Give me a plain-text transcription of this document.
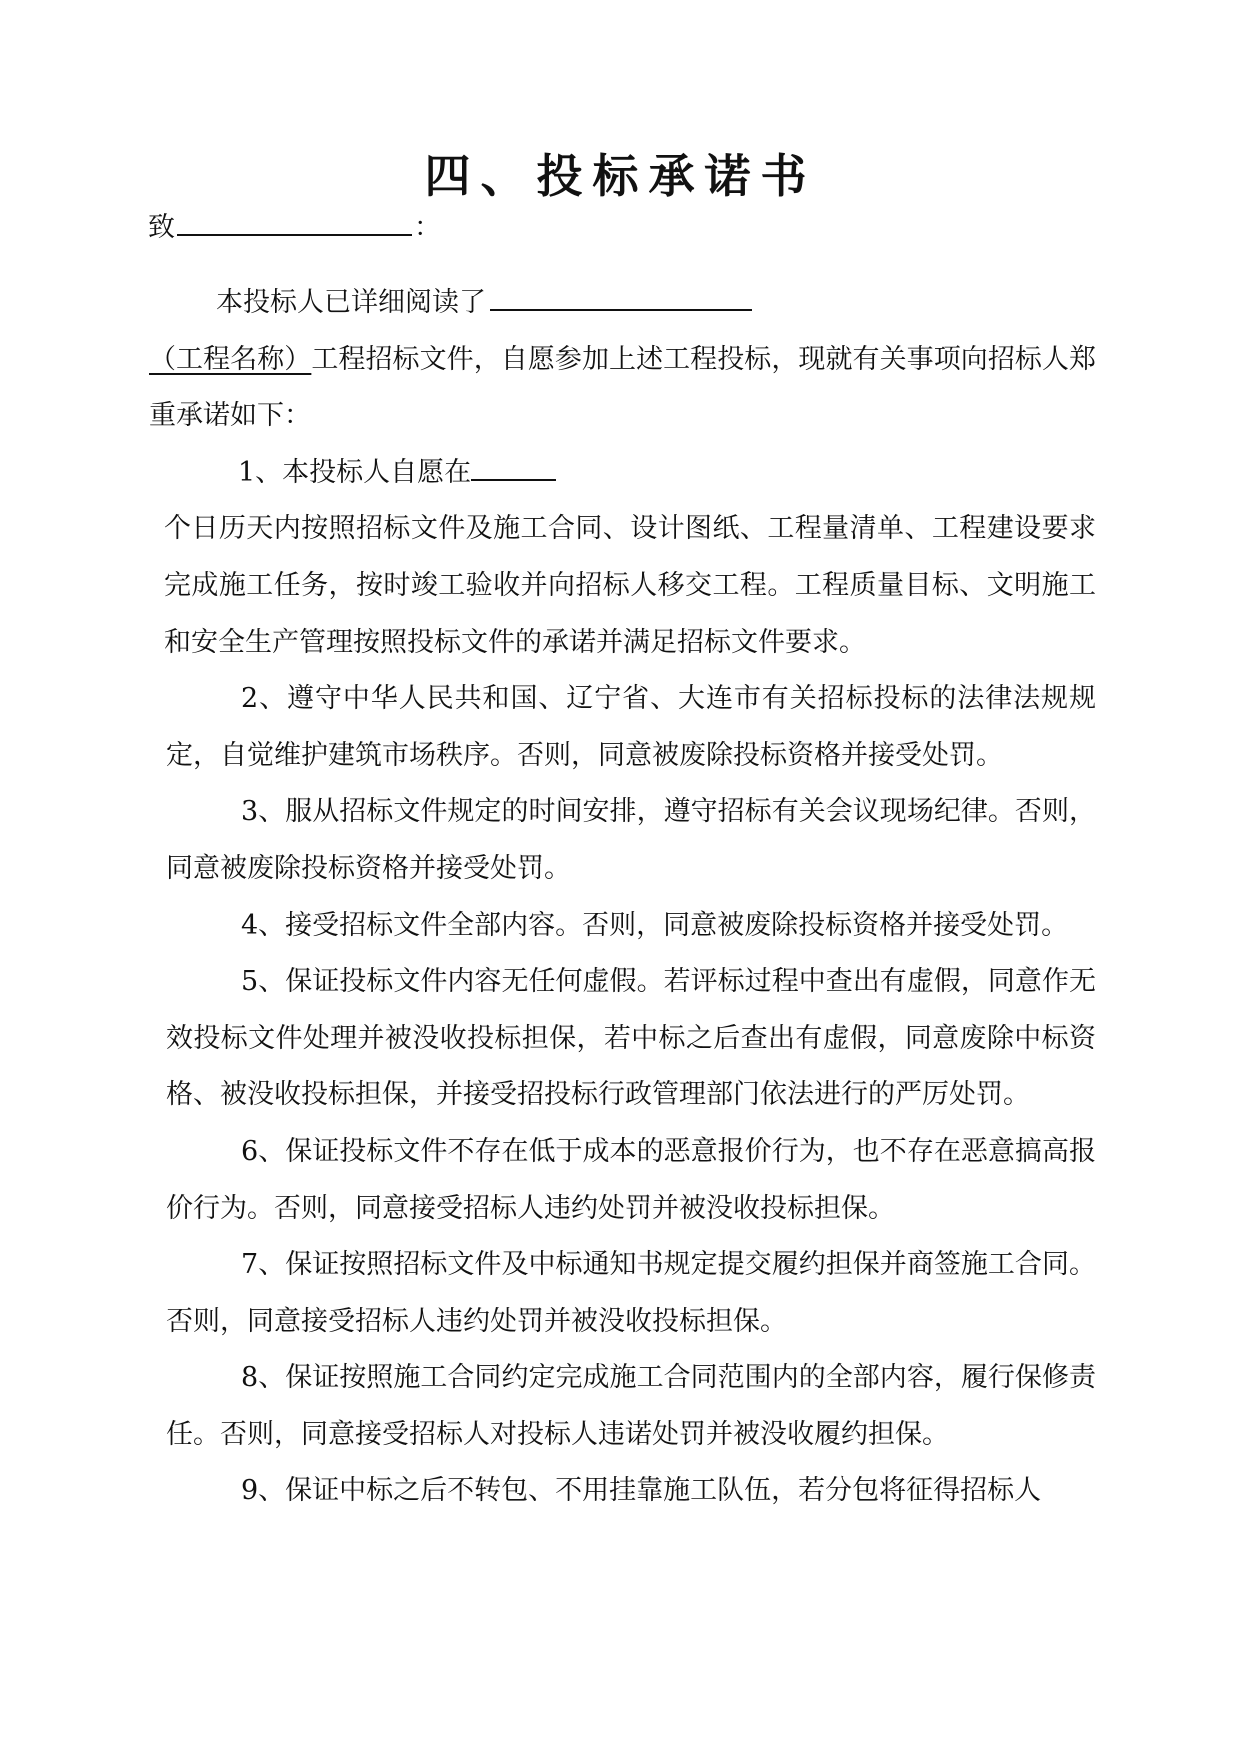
四、投标承诺书
致	：

本投标人已详细阅读了

（工程名称）工程招标文件，自愿参加上述工程投标，现就有关事项向招标人郑重承诺如下：

1、本投标人自愿在

个日历天内按照招标文件及施工合同、设计图纸、工程量清单、工程建设要求完成施工任务，按时竣工验收并向招标人移交工程。工程质量目标、文明施工和安全生产管理按照投标文件的承诺并满足招标文件要求。

2、遵守中华人民共和国、辽宁省、大连市有关招标投标的法律法规规定，自觉维护建筑市场秩序。否则，同意被废除投标资格并接受处罚。

3、服从招标文件规定的时间安排，遵守招标有关会议现场纪律。否则，同意被废除投标资格并接受处罚。

4、接受招标文件全部内容。否则，同意被废除投标资格并接受处罚。

5、保证投标文件内容无任何虚假。若评标过程中查出有虚假，同意作无效投标文件处理并被没收投标担保，若中标之后查出有虚假，同意废除中标资格、被没收投标担保，并接受招投标行政管理部门依法进行的严厉处罚。

6、保证投标文件不存在低于成本的恶意报价行为，也不存在恶意搞高报价行为。否则，同意接受招标人违约处罚并被没收投标担保。

7、保证按照招标文件及中标通知书规定提交履约担保并商签施工合同。否则，同意接受招标人违约处罚并被没收投标担保。

8、保证按照施工合同约定完成施工合同范围内的全部内容，履行保修责任。否则，同意接受招标人对投标人违诺处罚并被没收履约担保。

9、保证中标之后不转包、不用挂靠施工队伍，若分包将征得招标人
